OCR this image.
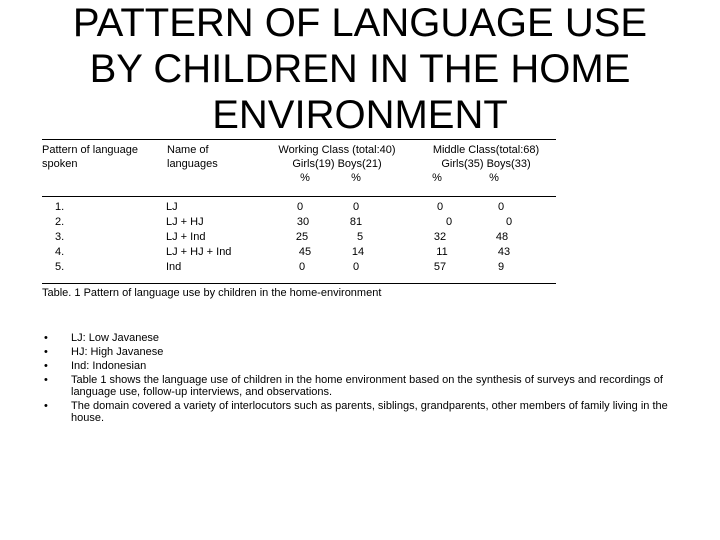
PATTERN OF LANGUAGE USE
BY CHILDREN IN THE HOME
ENVIRONMENT
Pattern of language
spoken
Name of
languages
Working Class (total:40)
Girls(19) Boys(21)
%	%
Middle Class(total:68)
Girls(35) Boys(33)
%	%
1.	LJ	0	0	0	0
2.	LJ + HJ	30	81	0	0
3.	LJ + Ind	25	5	32	48
4.	LJ + HJ + Ind	45	14	11	43
5.	Ind	0	0	57	9
Table. 1 Pattern of language use by children in the home-environment
• LJ: Low Javanese
• HJ: High Javanese
• Ind: Indonesian
• Table 1 shows the language use of children in the home environment based on the synthesis of surveys and recordings of language use, follow-up interviews, and observations.
• The domain covered a variety of interlocutors such as parents, siblings, grandparents, other members of family living in the house.
